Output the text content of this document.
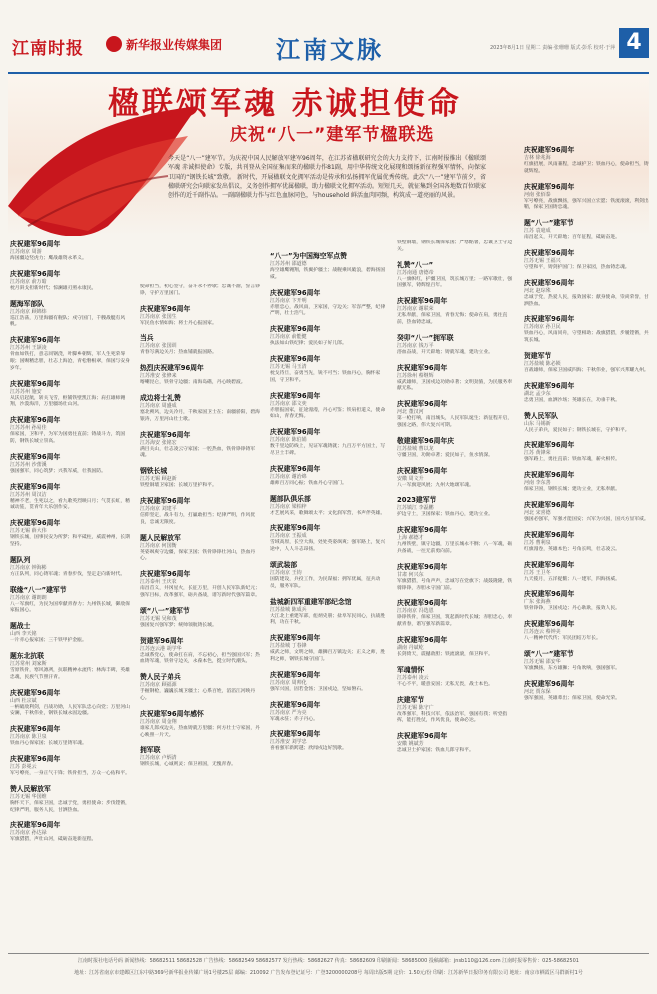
江南时报	新华报业传媒集团 江南文脉	2023年8月1日 星期二 责编·张珊珊 版式·彭乐 校对·于萍 4
楹联颂军魂 赤诚担使命
庆祝“八一”建军节楹联选
今天是“八一”建军节。为庆祝中国人民解放军建军96周年，在江苏省楹联研究会的大力支持下，江南时报推出《楹联颂军魂 赤诚担使命》专版，共刊登从全国征集而来的楹联力作81副，用中华传统文化展现和颂扬新征程强军情怀，向保家卫国的“钢铁长城”致敬。 新时代，开展楹联文化拥军活动是传承和弘扬拥军优属优秀传统。此次“八一”建军节前夕，省楹联研究会向联家发出倡议，义务创作拥军优属楹联，助力楹联文化拥军活动。短短几天，就征集到全国各地数百位联家创作的近千副作品。一副副楹联力作与红色血脉同色，与household 鲜活血肉同频，构筑成一道亮丽的风景。
庆祝建军96周年
江苏南京 周游
海国疆边竖虎力；鹰战雄资永革义。
庆祝建军96周年
江苏南京 俞万暗
枕月斜戈担新时代；惊澜雄刃照永康民。
题海军部队
江苏南京 顾锦炜
巡江浩荡，万里海疆有舰队；戍守国门，千艘战艇有风帆。
庆祝建军96周年
江苏苏州 王颉凌
骨血如铁打，意志同钢浇，叶脚乡朝辉，军人生死荣辱眼；国赐精忠胆，壮志上海沧，青松磐根翠，保国与安身岁年。
庆祝建军96周年
江苏苏州 施安
从沃启起航，斩关飞雪，枢铺铁壁凯江海；肩扛雄师翱翔，沙漠海洋，万里疆场壮山河。
庆祝建军96周年
江苏苏州 孙易佳
保家国，卫和平，为军为国勇往直前；铸战斗力，筑国防，钢铁长城立崇高。
庆祝建军96周年
江苏苏州 沙蕾溪
强国强军，同心筑梦；兴我军威，壮我国防。
庆祝建军96周年
江苏苏州 周汉洁
精神不老，生死以之，看九歌英烈映日月；气贯长虹，精诚动旌，贯青年大乐创作安。
庆祝建军96周年
江苏无锡 薛大伟
钢铁长城，国事民安为所梦；和平砥柱，威震神州，长期坚持。
题队列
江苏南京 钟海彬
方正队列，同心铸军魂；青春步伐，坚定走向新时代。
联缘“八一”建军节
江苏南京 谢朗朗
八一军旗红，为民为国奉献青春力；九州铁长城，御敌保家报国心。
题战士
山西 李天铭
一片赤心报家国；三千铁甲护金瓯。
题东北抗联
江苏常州 刘家斯
雪原铁骨，寒风凛冽，抗联精神永流传；林海丰碑，英雄忠魂，民族气节照汗青。
庆祝建军96周年
山西 杜宗斌
一柄破敌利剑，百战功勋，人民军队忠心向党；万里河山安澜，千秋伟业，钢铁长城永固边疆。
庆祝建军96周年
江苏南京 陈卫泉
铁血丹心保家国；长城万里铸军魂。
庆祝建军96周年
江苏 彭冕云
军号嘹亮，一身正气干锋；铁骨担当，万众一心佑和平。
赞人民解放军
江苏无锡 华国维
胸怀天下，保家卫国，忠诚于党，勇担使命；步伐铿锵，纪律严明，服务人民，甘洒热血。
庆祝建军96周年
江苏南京 孙达禄
军旗猎猎，声壮山河，砥砺奋进新征程。
使命担当，初心坚守，奋斗永不停歇；忠诚不渝，誓言铮铮，守护万里国门。
庆祝建军96周年
江苏南京 张国生
军民鱼水情如海；将士丹心报国家。
当兵
江苏南京 张国训
青春写满边关月；热血铺就报国路。
热烈庆祝建军96周年
江苏淮安 张修来
喀喇昆仑，铁骨守边疆；南海岛礁，丹心映碧波。
成边将士礼赞
江苏南京 周盛成
塞北朔风，边关冷月，千秋家国卫士在；南疆骄阳，碧海银涛，万里河山壮士歌。
庆祝建军96周年
江苏海安 张铭宏
满目关山，壮志凌云守家国；一腔热血，铁骨铮铮铸军魂。
钢铁长城
江苏无锡 顾赵新
铁壁铜墙卫家国；长城万里护和平。
庆祝建军96周年
江苏南京 刘建平
信仰坚定，战斗有力，打赢敢担当；纪律严明，作风优良，忠诚无限度。
题人民解放军
江苏南京 何国衡
英姿飒爽守边疆，保家卫国；铁骨铮铮壮河山，热血丹心。
庆祝建军96周年
江苏泰州 王庆农
南昌首义，井冈星火，长征万里，开创人民军队新纪元；强军目标，改革强军，砺兵备战，谱写新时代强军篇章。
颂“八一”建军节
江苏无锡 吴和茂
强国复兴强军梦；统帅领航铸长城。
贺建军96周年
江苏连云港 胡学华
忠诚系党心，使命扛在肩，不忘初心，担当强国兴军；热血铸军魂，铁骨守边关，永葆本色，挺立时代潮头。
赞人民子弟兵
江苏南京 顾福源
手握钢枪，巍巍长城卫疆土；心系百姓，滔滔江河映丹心。
庆祝建军96周年感怀
江苏南京 周金翔
谁家儿郎戍边关，热血铸就万里疆；何方壮士守家国，丹心映照一片天。
拥军联
江苏南京 卢炳清
钢铁长城，心诚则灵；保卫祖国，无愧青春。
“八一”为中国海空军点赞
江苏苏州 邵道德
海空雄鹰翱翔，铁翼护疆土；战舰乘风破浪，碧海扬国威。
庆祝建军96周年
江苏南京 卞开明
赤胆忠心，战风雨，卫家国，守边关；军容严整，纪律严明，壮士浩气。
庆祝建军96周年
江苏南京 俞能健
执法如山铁纪律；爱民如子好儿郎。
庆祝建军96周年
江苏无锡 马玉清
枕戈待旦，奋勇当先，锐不可当；铁血丹心，胸怀家国，守卫和平。
庆祝建军96周年
江苏南京 邵文奕
赤胆报国家，征途漫漫，丹心可鉴；铁肩担道义，使命如山，青春无悔。
庆祝建军96周年
江苏南京 陈伯娟
数千里边防线上，见证军魂铸就；九百万平方国土，写尽卫士丰碑。
庆祝建军96周年
江苏南京 谢治绵
雄师百万同心振；铁血丹心守国门。
题部队俱乐部
江苏南京 梁柏梓
才艺展风采，歌舞颂太平；文化润军营，书声伴英雄。
庆祝建军96周年
江苏南京 王振成
雪域高原，长空大海，处处英姿飒爽；强军路上，复兴途中，人人斗志昂扬。
颂武装部
江苏南京 王钧
国防建设，兵役工作，为民谋福；拥军优属，征兵动员，服务军队。
盐城新四军重建军部纪念馆
江苏盐城 陈成兵
大江北上重建军部，彪炳史册；盐阜军民同心，抗战胜利，功在千秋。
庆祝建军96周年
江苏盐城 丁春锋
威武之师，文明之师，雄狮百万镇边关；正义之师，胜利之师，钢铁长城守国门。
庆祝建军96周年
江苏南京 周帅化
强军兴国，固若金汤；卫国戍边，坚如磐石。
庆祝建军96周年
江苏南京 严为亮
军魂永驻；赤子丹心。
庆祝建军96周年
江苏淮安 刘学忠
喜看强军新跨越；欣闻戍边好凯歌。
铁壁铜墙，钢铁长城保家国；严寒酷暑，忠诚卫士守边关。
礼赞“八一”
江苏南通 唐德帝
八一旗帜红，护疆卫国，筑长城万里；一路军歌壮，强国强军，铸辉煌百年。
庆祝建军96周年
江苏南京 谢联荣
无私奉献，保家卫国，青春无悔；使命在肩，勇往直前，热血铸忠诚。
癸卯“八一”拥军联
江苏南京 钱万平
浴血奋战，开天辟地；铸就军魂，建功立业。
庆祝建军96周年
江苏徐州 蔡继辉
威武雄师，卫国戍边功勋卓著；文明劲旅，为民服务奉献无私。
庆祝建军96周年
河北 董汉河
第一枪打响，南昌城头，人民军队诞生；新征程开启，强国之路，伟大复兴可期。
敬建建军96周年庆
江苏盐城 曹以龙
守疆卫国，功勋卓著；爱民如子，鱼水情深。
庆祝建军96周年
安徽 周文升
八一军旗迎风展；九州大地颂军魂。
2023建军节
江苏镇江 李磊鹏
护边守土，卫国保家；铁血丹心，建功立业。
庆祝建军96周年
上海 郝德才
九州铁壁，镇守边疆，万里长城永不倒；八一军魂，砺兵备战，一往无前勇向前。
庆祝建军96周年
甘肃 何兴东
军旗猎猎，号角声声，忠诚写在党旗下；战鼓隆隆，铁骑铮铮，赤胆永守国门前。
庆祝建军96周年
江苏南京 冯选恩
铮铮铁骨，保家卫国，筑起新时代长城；赤胆忠心，奉献青春，谱写强军新篇章。
庆祝建军96周年
湖南 丹斌屹
长剑倚天，震撼敌胆；铁流滚滚，保卫和平。
军魂情怀
江苏泰州 凌云
不心不平，暖意安国；无私无畏，战士本色。
庆建军节
江苏无锡 陈守广
改革强军，科技兴军，依法治军，强国有我；听党指挥，能打胜仗，作风优良，使命必达。
庆祝建军96周年
安徽 姚斌芳
忠诚卫士护家国；铁血儿郎守和平。
庆祝建军96周年
吉林 徐兆海
红旗招展，风雨兼程，忠诚护卫；铁血丹心，使命担当，铸就辉煌。
庆祝建军96周年
河南 张佰泰
军号嘹亮，战旗飘扬，强军兴国立宏愿；铁流滚滚，利剑出鞘，保家卫国铸忠魂。
题“八一”建军节
江苏 袁毫成
南昌起义，开天辟地；百年征程，砥砺奋进。
庆祝建军96周年
江苏无锡 王福兴
守望和平，铸剑护国门；保卫家园，热血铸忠魂。
庆祝建军96周年
河北 赵琮殊
忠诚于党，热爱人民，报效国家；献身使命，崇尚荣誉，甘洒热血。
庆祝建军96周年
江苏南京 孙卫民
铁血丹心，风雨同舟，守望相助；战旗猎猎，步履铿锵，共筑长城。
贺建军节
江苏盐城 陈必锁
百战雄师，保家卫国威四海；千秋伟业，强军兴邦耀九州。
庆祝建军96周年
湖北 孟少东
忠勇卫国，血洒沙场；英雄长在，功垂千秋。
赞人民军队
山东 马锡新
人民子弟兵，爱民如子；钢铁长城在，守护和平。
庆祝建军96周年
江苏 黄锋荣
强军路上，勇往直前；铁血军魂，薪火相传。
庆祝建军96周年
河南 李东善
保家卫国，钢铁长城；建功立业，无私奉献。
庆祝建军96周年
河北 宋喜德
强国必强军，军强才能国安；兴军为兴国，国兴方显军威。
庆祝建军96周年
江苏 曹利泉
红旗漫卷，英雄本色；号角长鸣，壮志凌云。
庆祝建军96周年
江苏 王卫冬
九天揽月，五洋捉鳖；八一建军，四海扬威。
庆祝建军96周年
广东 张海燕
铁骨铮铮，卫国戍边；丹心耿耿，报效人民。
庆祝建军96周年
江苏连云 蔡钟美
八一精神代代传；军民团结万年长。
颂“八一”建军节
江苏无锡 邵安华
军旗飘扬，东方雄狮；号角吹响，强国强军。
庆祝建军96周年
河北 贾东保
强军强国，英雄辈出；保家卫国，使命光荣。
江南时报社电话号码 新闻热线：58682511 58682528 广告热线：58682549 58682577 发行热线：58682627 传真：58682609 印刷新闻：58685000 投稿邮箱：jnsb110@126.com 江南时报零售价：025-58682501
地址：江苏省南京市建邺区江东中路369号新华报业传媒广场1号楼25层 邮编：210092 广告发布登记证号：广登3200000208号 每周出版5期 定价：1.50元/份 印刷：江苏新华日报印务有限公司 地址：南京市栖霞区马群新村1号
